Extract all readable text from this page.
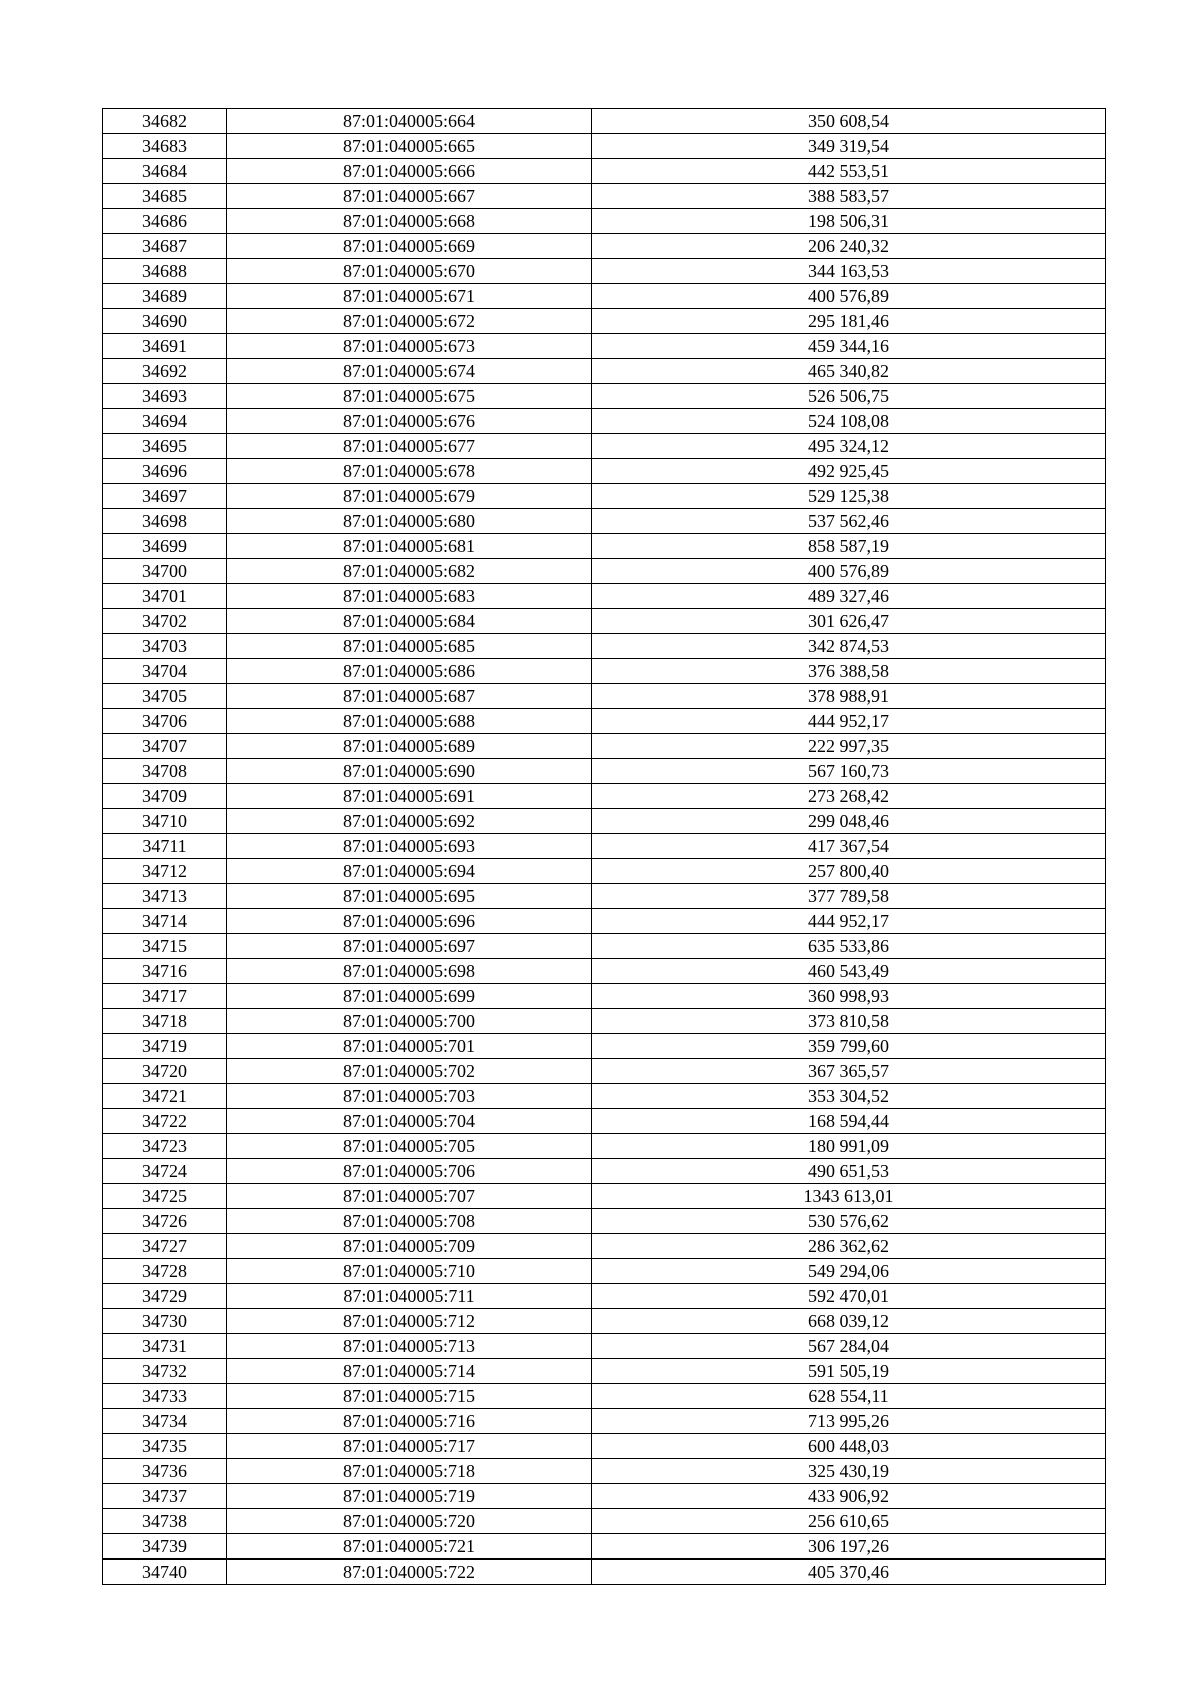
34682	87:01:040005:664	350 608,54
34683	87:01:040005:665	349 319,54
34684	87:01:040005:666	442 553,51
34685	87:01:040005:667	388 583,57
34686	87:01:040005:668	198 506,31
34687	87:01:040005:669	206 240,32
34688	87:01:040005:670	344 163,53
34689	87:01:040005:671	400 576,89
34690	87:01:040005:672	295 181,46
34691	87:01:040005:673	459 344,16
34692	87:01:040005:674	465 340,82
34693	87:01:040005:675	526 506,75
34694	87:01:040005:676	524 108,08
34695	87:01:040005:677	495 324,12
34696	87:01:040005:678	492 925,45
34697	87:01:040005:679	529 125,38
34698	87:01:040005:680	537 562,46
34699	87:01:040005:681	858 587,19
34700	87:01:040005:682	400 576,89
34701	87:01:040005:683	489 327,46
34702	87:01:040005:684	301 626,47
34703	87:01:040005:685	342 874,53
34704	87:01:040005:686	376 388,58
34705	87:01:040005:687	378 988,91
34706	87:01:040005:688	444 952,17
34707	87:01:040005:689	222 997,35
34708	87:01:040005:690	567 160,73
34709	87:01:040005:691	273 268,42
34710	87:01:040005:692	299 048,46
34711	87:01:040005:693	417 367,54
34712	87:01:040005:694	257 800,40
34713	87:01:040005:695	377 789,58
34714	87:01:040005:696	444 952,17
34715	87:01:040005:697	635 533,86
34716	87:01:040005:698	460 543,49
34717	87:01:040005:699	360 998,93
34718	87:01:040005:700	373 810,58
34719	87:01:040005:701	359 799,60
34720	87:01:040005:702	367 365,57
34721	87:01:040005:703	353 304,52
34722	87:01:040005:704	168 594,44
34723	87:01:040005:705	180 991,09
34724	87:01:040005:706	490 651,53
34725	87:01:040005:707	1343 613,01
34726	87:01:040005:708	530 576,62
34727	87:01:040005:709	286 362,62
34728	87:01:040005:710	549 294,06
34729	87:01:040005:711	592 470,01
34730	87:01:040005:712	668 039,12
34731	87:01:040005:713	567 284,04
34732	87:01:040005:714	591 505,19
34733	87:01:040005:715	628 554,11
34734	87:01:040005:716	713 995,26
34735	87:01:040005:717	600 448,03
34736	87:01:040005:718	325 430,19
34737	87:01:040005:719	433 906,92
34738	87:01:040005:720	256 610,65
34739	87:01:040005:721	306 197,26
34740	87:01:040005:722	405 370,46
